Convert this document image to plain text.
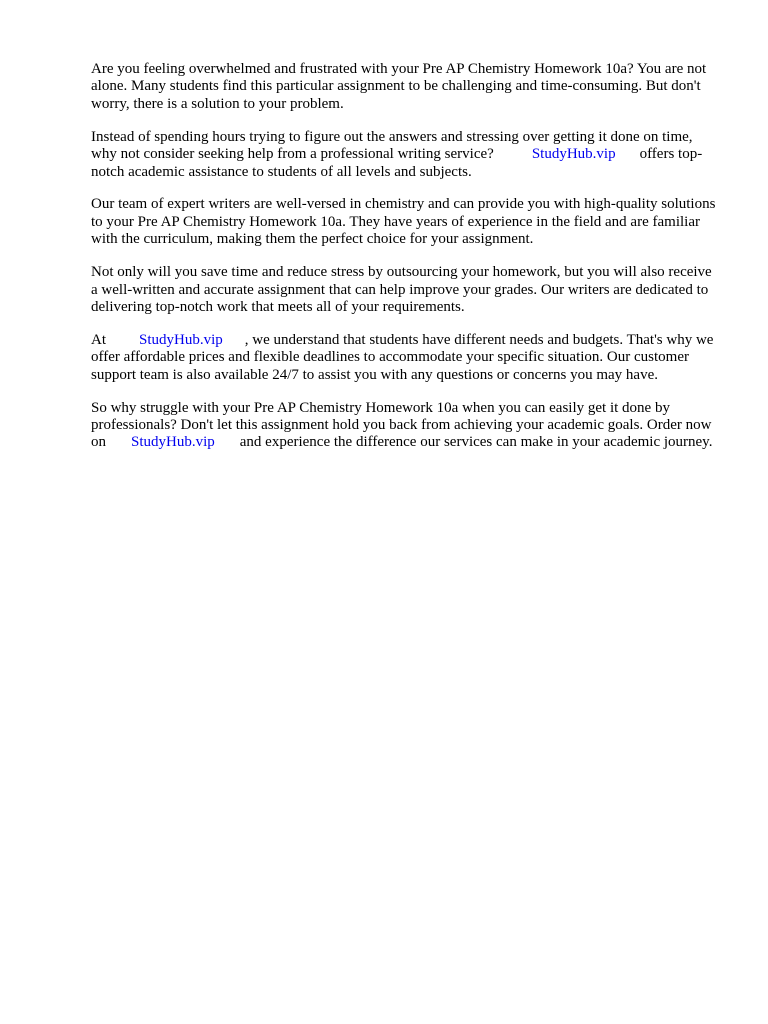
Are you feeling overwhelmed and frustrated with your Pre AP Chemistry Homework 10a? You are not alone. Many students find this particular assignment to be challenging and time-consuming. But don't worry, there is a solution to your problem.

Instead of spending hours trying to figure out the answers and stressing over getting it done on time, why not consider seeking help from a professional writing service?	StudyHub.vip offers top-notch academic assistance to students of all levels and subjects.

Our team of expert writers are well-versed in chemistry and can provide you with high-quality solutions to your Pre AP Chemistry Homework 10a. They have years of experience in the field and are familiar with the curriculum, making them the perfect choice for your assignment.

Not only will you save time and reduce stress by outsourcing your homework, but you will also receive a well-written and accurate assignment that can help improve your grades. Our writers are dedicated to delivering top-notch work that meets all of your requirements.

At StudyHub.vip , we understand that students have different needs and budgets. That's why we offer affordable prices and flexible deadlines to accommodate your specific situation. Our customer support team is also available 24/7 to assist you with any questions or concerns you may have.

So why struggle with your Pre AP Chemistry Homework 10a when you can easily get it done by professionals? Don't let this assignment hold you back from achieving your academic goals. Order now on StudyHub.vip and experience the difference our services can make in your academic journey.
